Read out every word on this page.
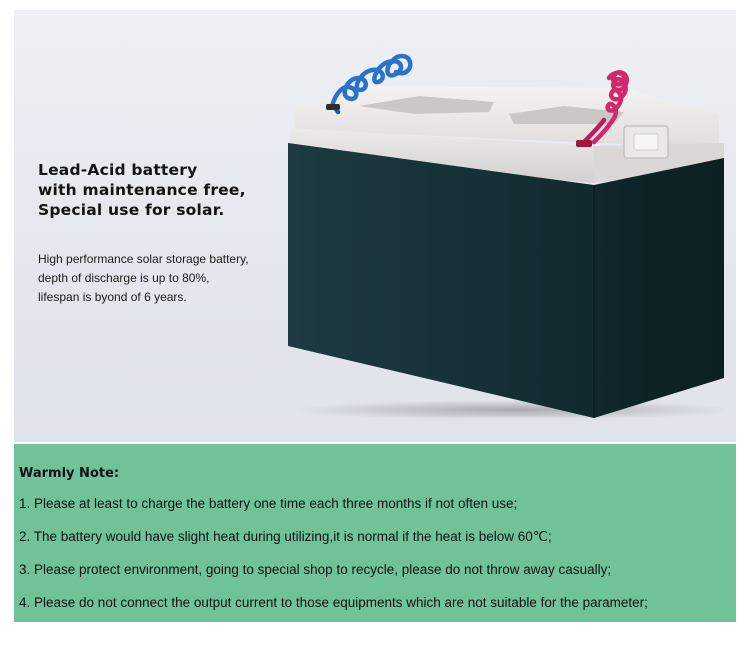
Lead-Acid battery
with maintenance free,
Special use for solar.
High performance solar storage battery,
depth of discharge is up to 80%,
lifespan is byond of 6 years.
Warmly Note:
1. Please at least to charge the battery one time each three months if not often use;
2. The battery would have slight heat during utilizing,it is normal if the heat is below 60℃;
3. Please protect environment, going to special shop to recycle, please do not throw away casually;
4. Please do not connect the output current to those equipments which are not suitable for the parameter;
